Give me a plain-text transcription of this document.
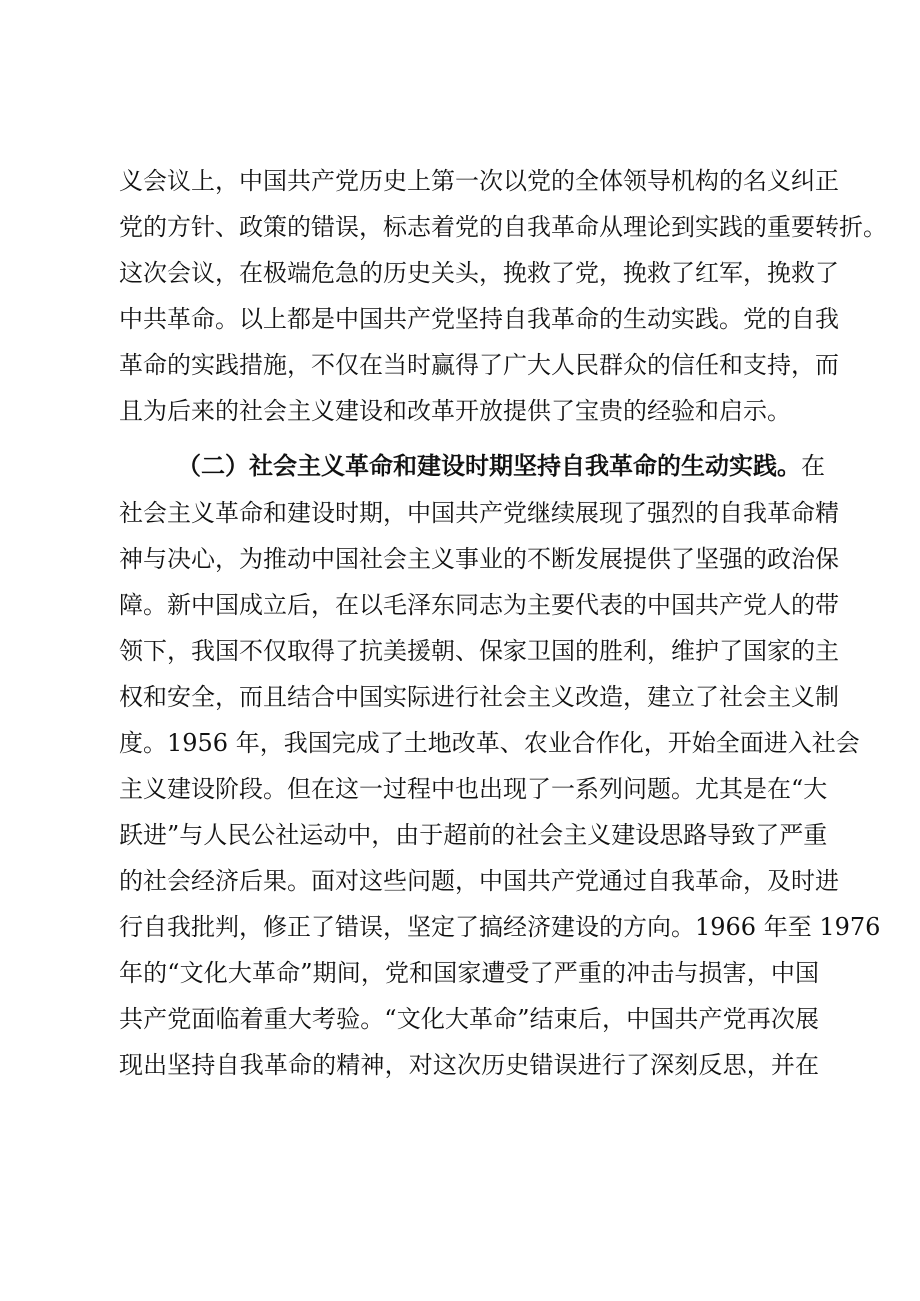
义会议上，中国共产党历史上第一次以党的全体领导机构的名义纠正
党的方针、政策的错误，标志着党的自我革命从理论到实践的重要转折。
这次会议，在极端危急的历史关头，挽救了党，挽救了红军，挽救了
中共革命。以上都是中国共产党坚持自我革命的生动实践。党的自我
革命的实践措施，不仅在当时赢得了广大人民群众的信任和支持，而
且为后来的社会主义建设和改革开放提供了宝贵的经验和启示。
（二）社会主义革命和建设时期坚持自我革命的生动实践。在
社会主义革命和建设时期，中国共产党继续展现了强烈的自我革命精
神与决心，为推动中国社会主义事业的不断发展提供了坚强的政治保
障。新中国成立后，在以毛泽东同志为主要代表的中国共产党人的带
领下，我国不仅取得了抗美援朝、保家卫国的胜利，维护了国家的主
权和安全，而且结合中国实际进行社会主义改造，建立了社会主义制
度。1956 年，我国完成了土地改革、农业合作化，开始全面进入社会
主义建设阶段。但在这一过程中也出现了一系列问题。尤其是在“大
跃进”与人民公社运动中，由于超前的社会主义建设思路导致了严重
的社会经济后果。面对这些问题，中国共产党通过自我革命，及时进
行自我批判，修正了错误，坚定了搞经济建设的方向。1966 年至 1976
年的“文化大革命”期间，党和国家遭受了严重的冲击与损害，中国
共产党面临着重大考验。“文化大革命”结束后，中国共产党再次展
现出坚持自我革命的精神，对这次历史错误进行了深刻反思，并在
